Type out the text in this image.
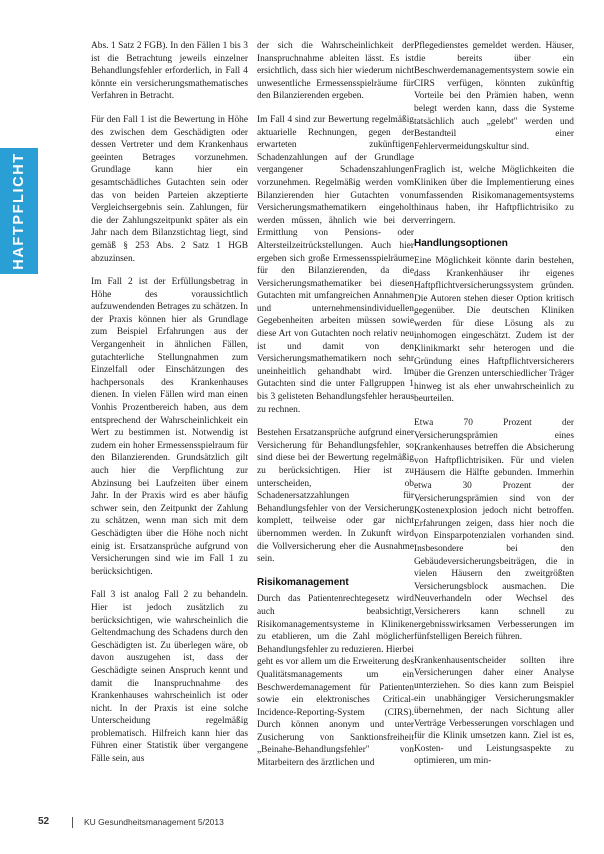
HAFTPFLICHT

Abs. 1 Satz 2 FGB). In den Fällen 1 bis 3 ist die Betrachtung jeweils einzelner Behandlungsfehler erforderlich, in Fall 4 könnte ein versicherungsmathematisches Verfahren in Betracht.

Für den Fall 1 ist die Bewertung in Höhe des zwischen dem Geschädigten oder dessen Vertreter und dem Krankenhaus geeinten Betrages vorzunehmen. Grundlage kann hier ein gesamtschädliches Gutachten sein oder das von beiden Parteien akzeptierte Vergleichsergebnis sein. Zahlungen, für die der Zahlungszeitpunkt später als ein Jahr nach dem Bilanzstichtag liegt, sind gemäß § 253 Abs. 2 Satz 1 HGB abzuzinsen.

Im Fall 2 ist der Erfüllungsbetrag in Höhe des voraussichtlich aufzuwendenden Betrages zu schätzen. In der Praxis können hier als Grundlage zum Beispiel Erfahrungen aus der Vergangenheit in ähnlichen Fällen, gutachterliche Stellungnahmen zum Einzelfall oder Einschätzungen des hachpersonals des Krankenhauses dienen. In vielen Fällen wird man einen Vonhis Prozentbereich haben, aus dem entsprechend der Wahrscheinlichkeit ein Wert zu bestimmen ist. Notwendig ist zudem ein hoher Ermessensspielraum für den Bilanzierenden. Grundsätzlich gilt auch hier die Verpflichtung zur Abzinsung bei Laufzeiten über einem Jahr. In der Praxis wird es aber häufig schwer sein, den Zeitpunkt der Zahlung zu schätzen, wenn man sich mit dem Geschädigten über die Höhe noch nicht einig ist. Ersatzansprüche aufgrund von Versicherungen sind wie im Fall 1 zu berücksichtigen.

Fall 3 ist analog Fall 2 zu behandeln. Hier ist jedoch zusätzlich zu berücksichtigen, wie wahrscheinlich die Geltendmachung des Schadens durch den Geschädigten ist. Zu überlegen wäre, ob davon auszugehen ist, dass der Geschädigte seinen Anspruch kennt und damit die Inanspruchnahme des Krankenhauses wahrscheinlich ist oder nicht. In der Praxis ist eine solche Unterscheidung regelmäßig problematisch. Hilfreich kann hier das Führen einer Statistik über vergangene Fälle sein, aus

der sich die Wahrscheinlichkeit der Inanspruchnahme ableiten lässt. Es ist ersichtlich, dass sich hier wiederum nicht unwesentliche Ermessensspielräume für den Bilanzierenden ergeben.

Im Fall 4 sind zur Bewertung regelmäßig aktuarielle Rechnungen, gegen der erwarteten zukünftigen Schadenzahlungen auf der Grundlage vergangener Schadenszahlungen vorzunehmen. Regelmäßig werden vom Bilanzierenden hier Gutachten von Versicherungsmathematikern eingeholt werden müssen, ähnlich wie bei der Ermittlung von Pensions- oder Altersteilzeitrückstellungen. Auch hier ergeben sich große Ermessensspielräume für den Bilanzierenden, da die Versicherungsmathematiker bei diesen Gutachten mit umfangreichen Annahmen und unternehmensindividuellen Gegebenheiten arbeiten müssen sowie diese Art von Gutachten noch relativ neu ist und damit von den Versicherungsmathematikern noch sehr uneinheitlich gehandhabt wird. Im Gutachten sind die unter Fallgruppen 1 bis 3 gelisteten Behandlungsfehler heraus zu rechnen.

Bestehen Ersatzansprüche aufgrund einer Versicherung für Behandlungsfehler, so sind diese bei der Bewertung regelmäßig zu berücksichtigen. Hier ist zu unterscheiden, ob Schadenersatzzahlungen für Behandlungsfehler von der Versicherung komplett, teilweise oder gar nicht übernommen werden. In Zukunft wird die Vollversicherung eher die Ausnahme sein.

Risikomanagement

Durch das Patientenrechtegesetz wird auch beabsichtigt, Risikomanagementsysteme in Kliniken zu etablieren, um die Zahl möglicher Behandlungsfehler zu reduzieren. Hierbei geht es vor allem um die Erweiterung des Qualitätsmanagements um ein Beschwerdemanagement für Patienten sowie ein elektronisches Critical-Incidence-Reporting-System (CIRS). Durch können anonym und unter Zusicherung von Sanktionsfreiheit „Beinahe-Behandlungsfehler" von Mitarbeitern des ärztlichen und

Pflegedienstes gemeldet werden. Häuser, die bereits über ein Beschwerdemanagementsystem sowie ein CIRS verfügen, könnten zukünftig Vorteile bei den Prämien haben, wenn belegt werden kann, dass die Systeme tatsächlich auch „gelebt" werden und Bestandteil einer Fehlervermeidungskultur sind.

Fraglich ist, welche Möglichkeiten die Kliniken über die Implementierung eines umfassenden Risikomanagementsystems hinaus haben, ihr Haftpflichtrisiko zu verringern.

Handlungsoptionen

Eine Möglichkeit könnte darin bestehen, dass Krankenhäuser ihr eigenes Haftpflichtversicherungssystem gründen. Die Autoren stehen dieser Option kritisch gegenüber. Die deutschen Kliniken werden für diese Lösung als zu inhomogen eingeschätzt. Zudem ist der Klinikmarkt sehr heterogen und die Gründung eines Haftpflichtversicherers über die Grenzen unterschiedlicher Träger hinweg ist als eher unwahrscheinlich zu beurteilen.

Etwa 70 Prozent der Versicherungsprämien eines Krankenhauses betreffen die Absicherung von Haftpflichtrisiken. Für und vielen Häusern die Hälfte gebunden. Immerhin etwa 30 Prozent der Versicherungsprämien sind von der Kostenexplosion jedoch nicht betroffen. Erfahrungen zeigen, dass hier noch die von Einsparpotenzialen vorhanden sind. Insbesondere bei den Gebäudeversicherungsbeiträgen, die in vielen Häusern den zweitgrößten Versicherungsblock ausmachen. Die Neuverhandeln oder Wechsel des Versicherers kann schnell zu ergebnisswirksamen Verbesserungen im fünfstelligen Bereich führen.

Krankenhausentscheider sollten ihre Versicherungen daher einer Analyse unterziehen. So dies kann zum Beispiel ein unabhängiger Versicherungsmakler übernehmen, der nach Sichtung aller Verträge Verbesserungen vorschlagen und für die Klinik umsetzen kann. Ziel ist es, Kosten- und Leistungsaspekte zu optimieren, um min-

52	KU Gesundheitsmanagement 5/2013
